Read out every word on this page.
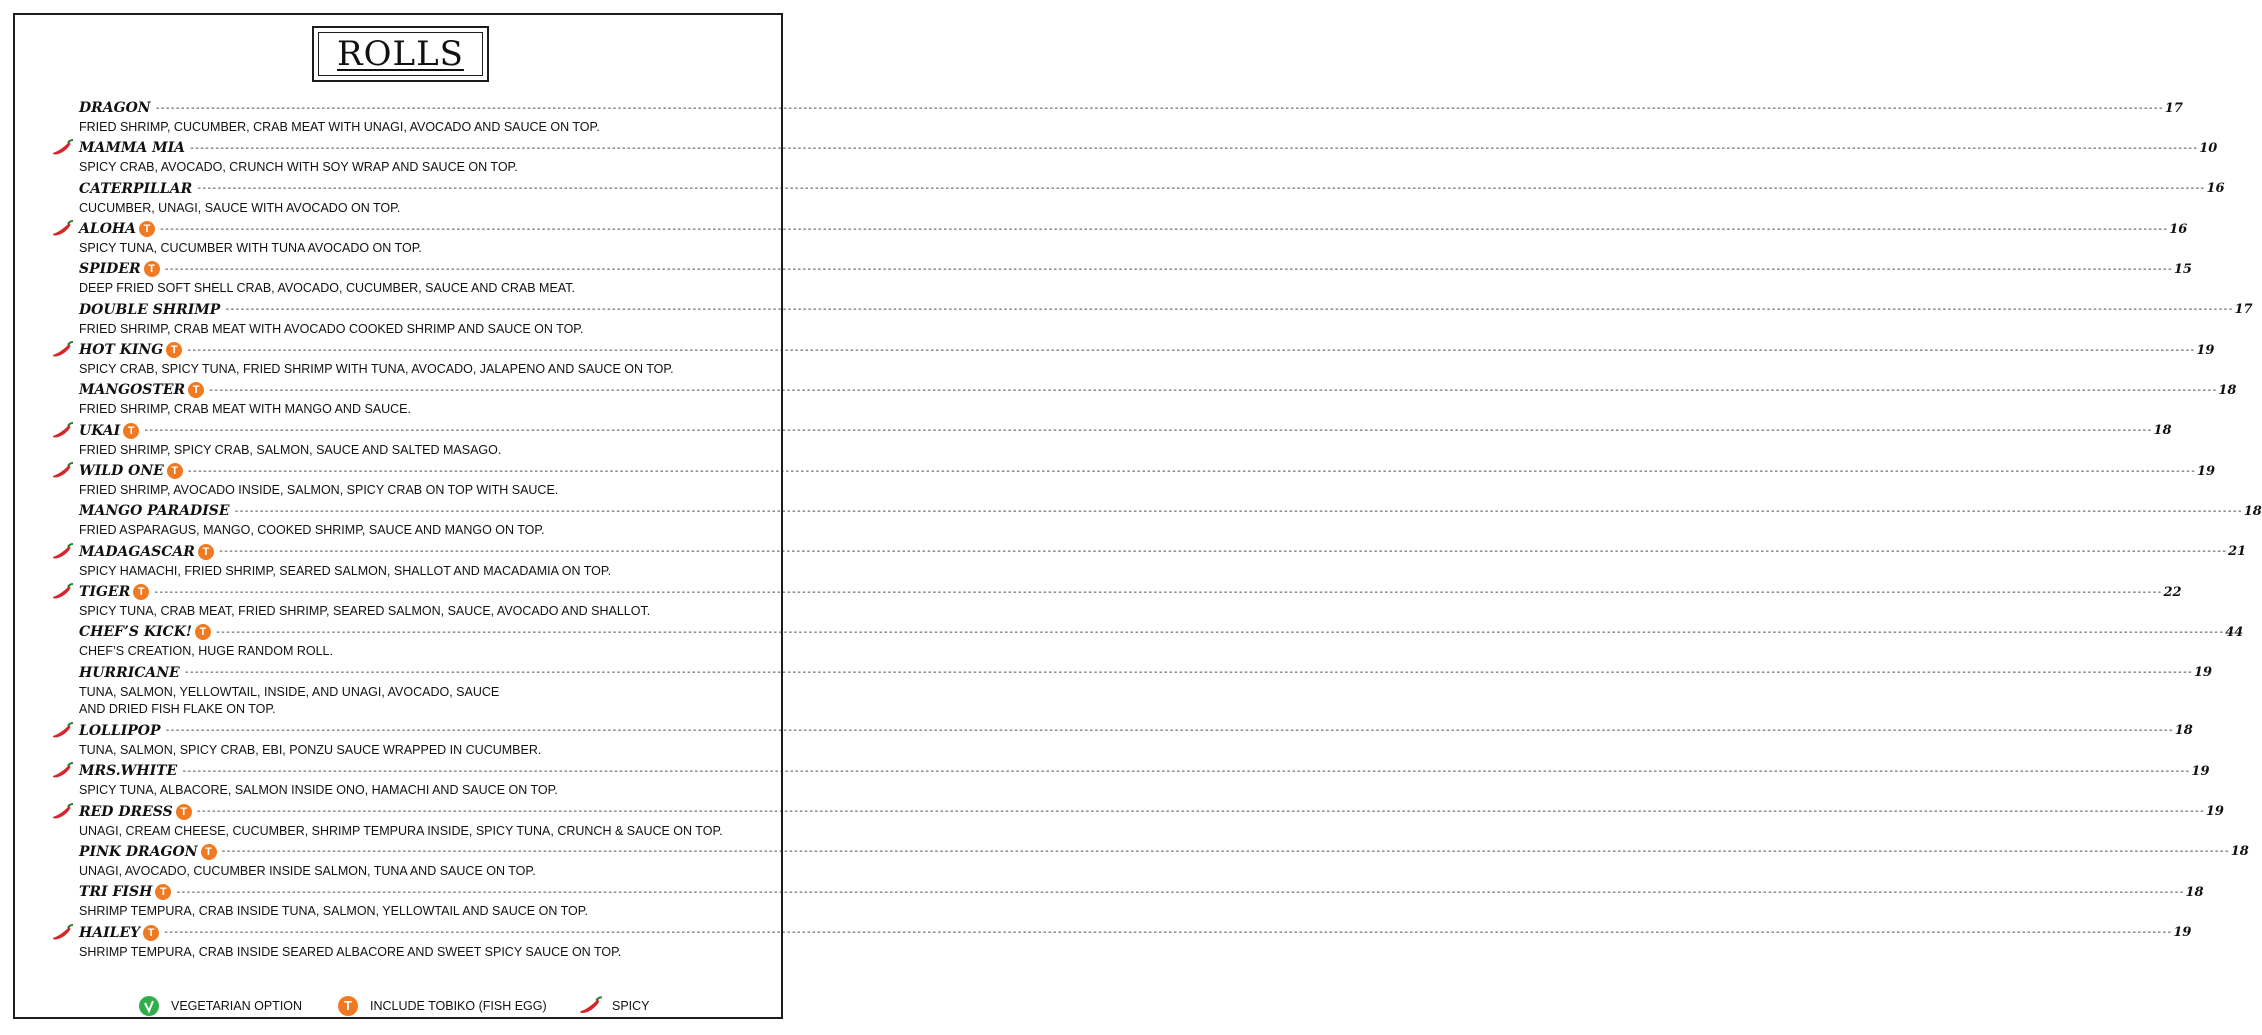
ROLLS
DRAGON ---------------------------------------------------------------------------------------------------------------------------------------------------------------------------------------------------------------------------------------------------------------------------------------------------------------------------------------------------------------------------------------------------------------- 17
FRIED SHRIMP, CUCUMBER, CRAB MEAT WITH UNAGI, AVOCADO AND SAUCE ON TOP.
MAMMA MIA ---------------------------------------------------------------------------------------------------------------------------------------------------------------------------------------------------------------------------------------------------------------------------------------------------------------------------------------------------------------------------------------------------------------- 10
SPICY CRAB, AVOCADO, CRUNCH WITH SOY WRAP AND SAUCE ON TOP.
CATERPILLAR ---------------------------------------------------------------------------------------------------------------------------------------------------------------------------------------------------------------------------------------------------------------------------------------------------------------------------------------------------------------------------------------------------------------- 16
CUCUMBER, UNAGI, SAUCE WITH AVOCADO ON TOP.
ALOHA T ---------------------------------------------------------------------------------------------------------------------------------------------------------------------------------------------------------------------------------------------------------------------------------------------------------------------------------------------------------------------------------------------------------------- 16
SPICY TUNA, CUCUMBER WITH TUNA AVOCADO ON TOP.
SPIDER T ---------------------------------------------------------------------------------------------------------------------------------------------------------------------------------------------------------------------------------------------------------------------------------------------------------------------------------------------------------------------------------------------------------------- 15
DEEP FRIED SOFT SHELL CRAB, AVOCADO, CUCUMBER, SAUCE AND CRAB MEAT.
DOUBLE SHRIMP ---------------------------------------------------------------------------------------------------------------------------------------------------------------------------------------------------------------------------------------------------------------------------------------------------------------------------------------------------------------------------------------------------------------- 17
FRIED SHRIMP, CRAB MEAT WITH AVOCADO COOKED SHRIMP AND SAUCE ON TOP.
HOT KING T ---------------------------------------------------------------------------------------------------------------------------------------------------------------------------------------------------------------------------------------------------------------------------------------------------------------------------------------------------------------------------------------------------------------- 19
SPICY CRAB, SPICY TUNA, FRIED SHRIMP WITH TUNA, AVOCADO, JALAPENO AND SAUCE ON TOP.
MANGOSTER T ---------------------------------------------------------------------------------------------------------------------------------------------------------------------------------------------------------------------------------------------------------------------------------------------------------------------------------------------------------------------------------------------------------------- 18
FRIED SHRIMP, CRAB MEAT WITH MANGO AND SAUCE.
UKAI T ---------------------------------------------------------------------------------------------------------------------------------------------------------------------------------------------------------------------------------------------------------------------------------------------------------------------------------------------------------------------------------------------------------------- 18
FRIED SHRIMP, SPICY CRAB, SALMON, SAUCE AND SALTED MASAGO.
WILD ONE T ---------------------------------------------------------------------------------------------------------------------------------------------------------------------------------------------------------------------------------------------------------------------------------------------------------------------------------------------------------------------------------------------------------------- 19
FRIED SHRIMP, AVOCADO INSIDE, SALMON, SPICY CRAB ON TOP WITH SAUCE.
MANGO PARADISE ---------------------------------------------------------------------------------------------------------------------------------------------------------------------------------------------------------------------------------------------------------------------------------------------------------------------------------------------------------------------------------------------------------------- 18
FRIED ASPARAGUS, MANGO, COOKED SHRIMP, SAUCE AND MANGO ON TOP.
MADAGASCAR T ---------------------------------------------------------------------------------------------------------------------------------------------------------------------------------------------------------------------------------------------------------------------------------------------------------------------------------------------------------------------------------------------------------------- 21
SPICY HAMACHI, FRIED SHRIMP, SEARED SALMON, SHALLOT AND MACADAMIA ON TOP.
TIGER T ---------------------------------------------------------------------------------------------------------------------------------------------------------------------------------------------------------------------------------------------------------------------------------------------------------------------------------------------------------------------------------------------------------------- 22
SPICY TUNA, CRAB MEAT, FRIED SHRIMP, SEARED SALMON, SAUCE, AVOCADO AND SHALLOT.
CHEF’S KICK! T ---------------------------------------------------------------------------------------------------------------------------------------------------------------------------------------------------------------------------------------------------------------------------------------------------------------------------------------------------------------------------------------------------------------- 44
CHEF’S CREATION, HUGE RANDOM ROLL.
HURRICANE ---------------------------------------------------------------------------------------------------------------------------------------------------------------------------------------------------------------------------------------------------------------------------------------------------------------------------------------------------------------------------------------------------------------- 19
TUNA, SALMON, YELLOWTAIL, INSIDE, AND UNAGI, AVOCADO, SAUCE
AND DRIED FISH FLAKE ON TOP.
LOLLIPOP ---------------------------------------------------------------------------------------------------------------------------------------------------------------------------------------------------------------------------------------------------------------------------------------------------------------------------------------------------------------------------------------------------------------- 18
TUNA, SALMON, SPICY CRAB, EBI, PONZU SAUCE WRAPPED IN CUCUMBER.
MRS.WHITE ---------------------------------------------------------------------------------------------------------------------------------------------------------------------------------------------------------------------------------------------------------------------------------------------------------------------------------------------------------------------------------------------------------------- 19
SPICY TUNA, ALBACORE, SALMON INSIDE ONO, HAMACHI AND SAUCE ON TOP.
RED DRESS T ---------------------------------------------------------------------------------------------------------------------------------------------------------------------------------------------------------------------------------------------------------------------------------------------------------------------------------------------------------------------------------------------------------------- 19
UNAGI, CREAM CHEESE, CUCUMBER, SHRIMP TEMPURA INSIDE, SPICY TUNA, CRUNCH & SAUCE ON TOP.
PINK DRAGON T ---------------------------------------------------------------------------------------------------------------------------------------------------------------------------------------------------------------------------------------------------------------------------------------------------------------------------------------------------------------------------------------------------------------- 18
UNAGI, AVOCADO, CUCUMBER INSIDE SALMON, TUNA AND SAUCE ON TOP.
TRI FISH T ---------------------------------------------------------------------------------------------------------------------------------------------------------------------------------------------------------------------------------------------------------------------------------------------------------------------------------------------------------------------------------------------------------------- 18
SHRIMP TEMPURA, CRAB INSIDE TUNA, SALMON, YELLOWTAIL AND SAUCE ON TOP.
HAILEY T ---------------------------------------------------------------------------------------------------------------------------------------------------------------------------------------------------------------------------------------------------------------------------------------------------------------------------------------------------------------------------------------------------------------- 19
SHRIMP TEMPURA, CRAB INSIDE SEARED ALBACORE AND SWEET SPICY SAUCE ON TOP.
VEGETARIAN OPTION	T	INCLUDE TOBIKO (FISH EGG)	SPICY
